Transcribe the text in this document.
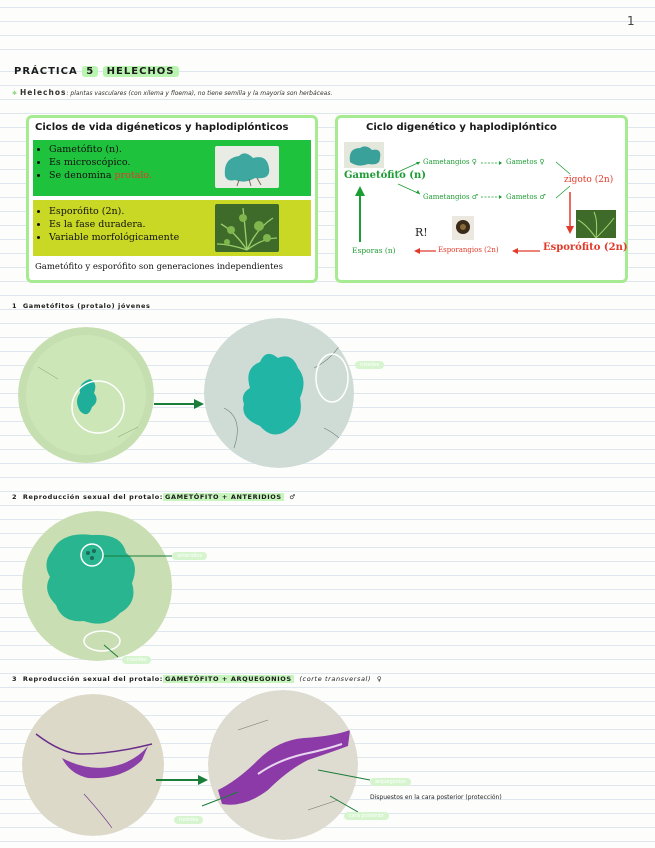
1
PRÁCTICA 5 HELECHOS
✱ Helechos: plantas vasculares (con xilema y floema), no tiene semilla y la mayoría son herbáceas.
Ciclos de vida digéneticos y haplodiplónticos
• Gametófito (n).
• Es microscópico.
• Se denomina protalo.
• Esporófito (2n).
• Es la fase duradera.
• Variable morfológicamente
Gametófito y esporófito son generaciones independientes
Ciclo digenético y haplodiplóntico
Gametófito (n)
Gametangios ♀	Gametos ♀
Gametangios ♂	Gametos ♂
zigoto (2n)
Esporófito (2n)
R!
Esporangios (2n)
Esporas (n)
1 Gametófitos (protalo) jóvenes
rizoides
2 Reproducción sexual del protalo: GAMETÓFITO + ANTERIDIOS ♂
anteridios
rizoides
3 Reproducción sexual del protalo: GAMETÓFITO + ARQUEGONIOS (corte transversal) ♀
arquegonios
Dispuestos en la cara posterior (protección)
rizoides
cara posterior
